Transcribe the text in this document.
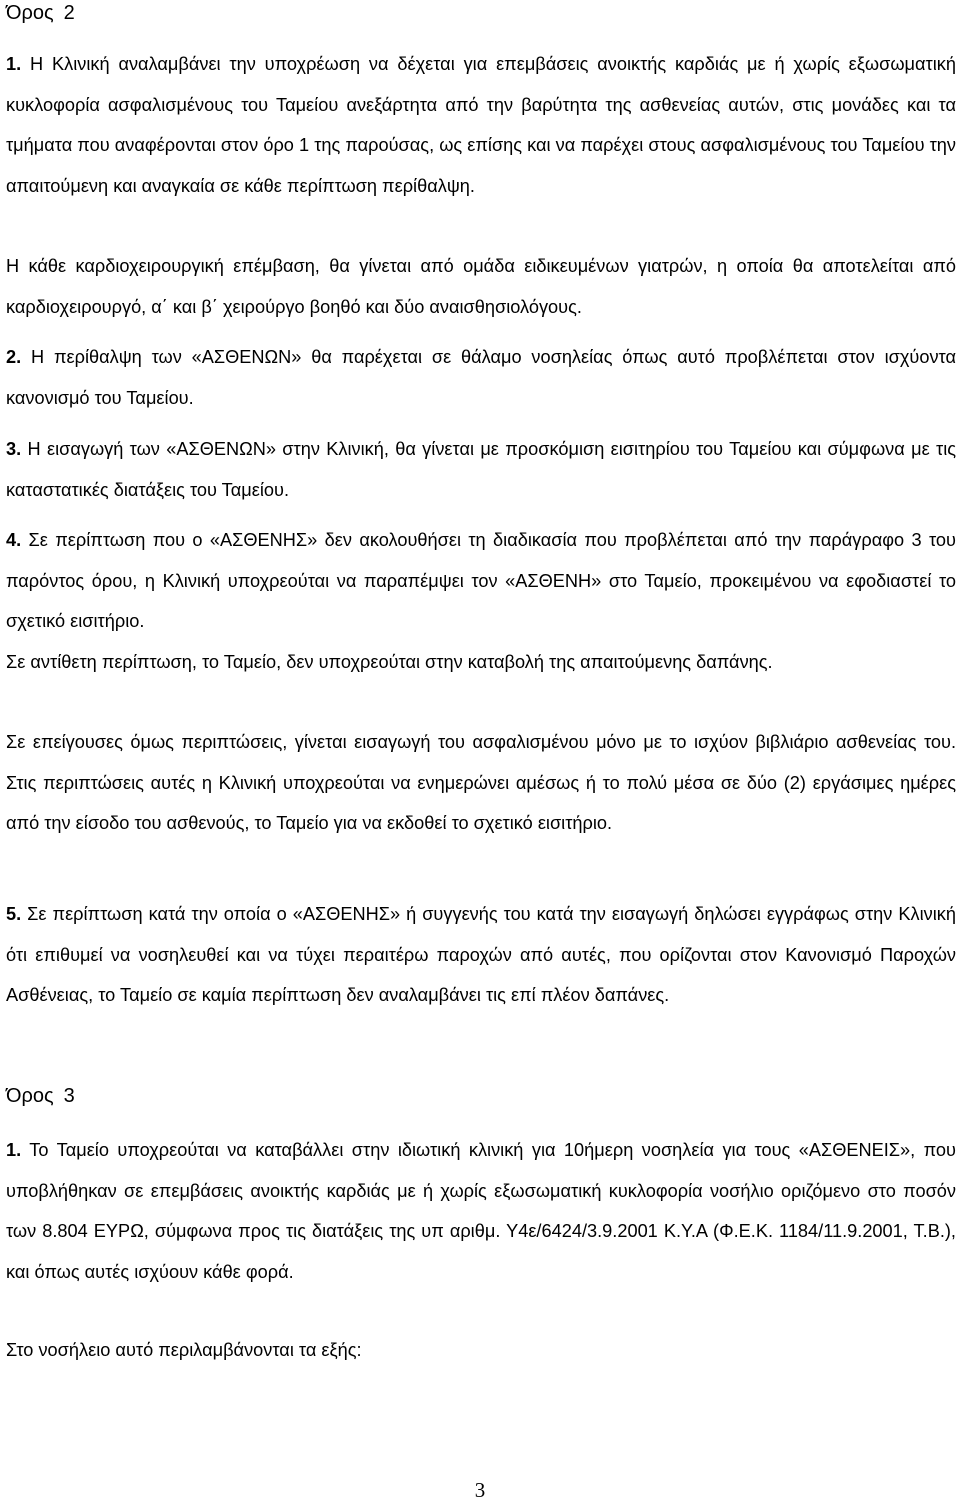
Όρος 2

1. Η Κλινική αναλαμβάνει την υποχρέωση να δέχεται για επεμβάσεις ανοικτής καρδιάς με ή χωρίς εξωσωματική κυκλοφορία ασφαλισμένους του Ταμείου ανεξάρτητα από την βαρύτητα της ασθενείας αυτών, στις μονάδες και τα τμήματα που αναφέρονται στον όρο 1 της παρούσας, ως επίσης και να παρέχει στους ασφαλισμένους του Ταμείου την απαιτούμενη και αναγκαία σε κάθε περίπτωση περίθαλψη.

Η κάθε καρδιοχειρουργική επέμβαση, θα γίνεται από ομάδα ειδικευμένων γιατρών, η οποία θα αποτελείται από καρδιοχειρουργό, α΄ και β΄ χειρούργο βοηθό και δύο αναισθησιολόγους.

2. Η περίθαλψη των «ΑΣΘΕΝΩΝ» θα παρέχεται σε θάλαμο νοσηλείας όπως αυτό προβλέπεται στον ισχύοντα κανονισμό του Ταμείου.

3. Η εισαγωγή των «ΑΣΘΕΝΩΝ» στην Κλινική, θα γίνεται με προσκόμιση εισιτηρίου του Ταμείου και σύμφωνα με τις καταστατικές διατάξεις του Ταμείου.

4. Σε περίπτωση που ο «ΑΣΘΕΝΗΣ» δεν ακολουθήσει τη διαδικασία που προβλέπεται από την παράγραφο 3 του παρόντος όρου, η Κλινική υποχρεούται να παραπέμψει τον «ΑΣΘΕΝΗ» στο Ταμείο, προκειμένου να εφοδιαστεί το σχετικό εισιτήριο.

Σε αντίθετη περίπτωση, το Ταμείο, δεν υποχρεούται στην καταβολή της απαιτούμενης δαπάνης.

Σε επείγουσες όμως περιπτώσεις, γίνεται εισαγωγή του ασφαλισμένου μόνο με το ισχύον βιβλιάριο ασθενείας του. Στις περιπτώσεις αυτές η Κλινική υποχρεούται να ενημερώνει αμέσως ή το πολύ μέσα σε δύο (2) εργάσιμες ημέρες από την είσοδο του ασθενούς, το Ταμείο για να εκδοθεί το σχετικό εισιτήριο.

5. Σε περίπτωση κατά την οποία ο «ΑΣΘΕΝΗΣ» ή συγγενής του κατά την εισαγωγή δηλώσει εγγράφως στην Κλινική ότι επιθυμεί να νοσηλευθεί και να τύχει περαιτέρω παροχών από αυτές, που ορίζονται στον Κανονισμό Παροχών Ασθένειας, το Ταμείο σε καμία περίπτωση δεν αναλαμβάνει τις επί πλέον δαπάνες.

Όρος 3

1. Το Ταμείο υποχρεούται να καταβάλλει στην ιδιωτική κλινική για 10ήμερη νοσηλεία για τους «ΑΣΘΕΝΕΙΣ», που υποβλήθηκαν σε επεμβάσεις ανοικτής καρδιάς με ή χωρίς εξωσωματική κυκλοφορία νοσήλιο οριζόμενο στο ποσόν των 8.804 ΕΥΡΩ, σύμφωνα προς τις διατάξεις της υπ αριθμ. Υ4ε/6424/3.9.2001 Κ.Υ.Α (Φ.Ε.Κ. 1184/11.9.2001, Τ.Β.), και όπως αυτές ισχύουν κάθε φορά.

Στο νοσήλειο αυτό περιλαμβάνονται τα εξής:

3
